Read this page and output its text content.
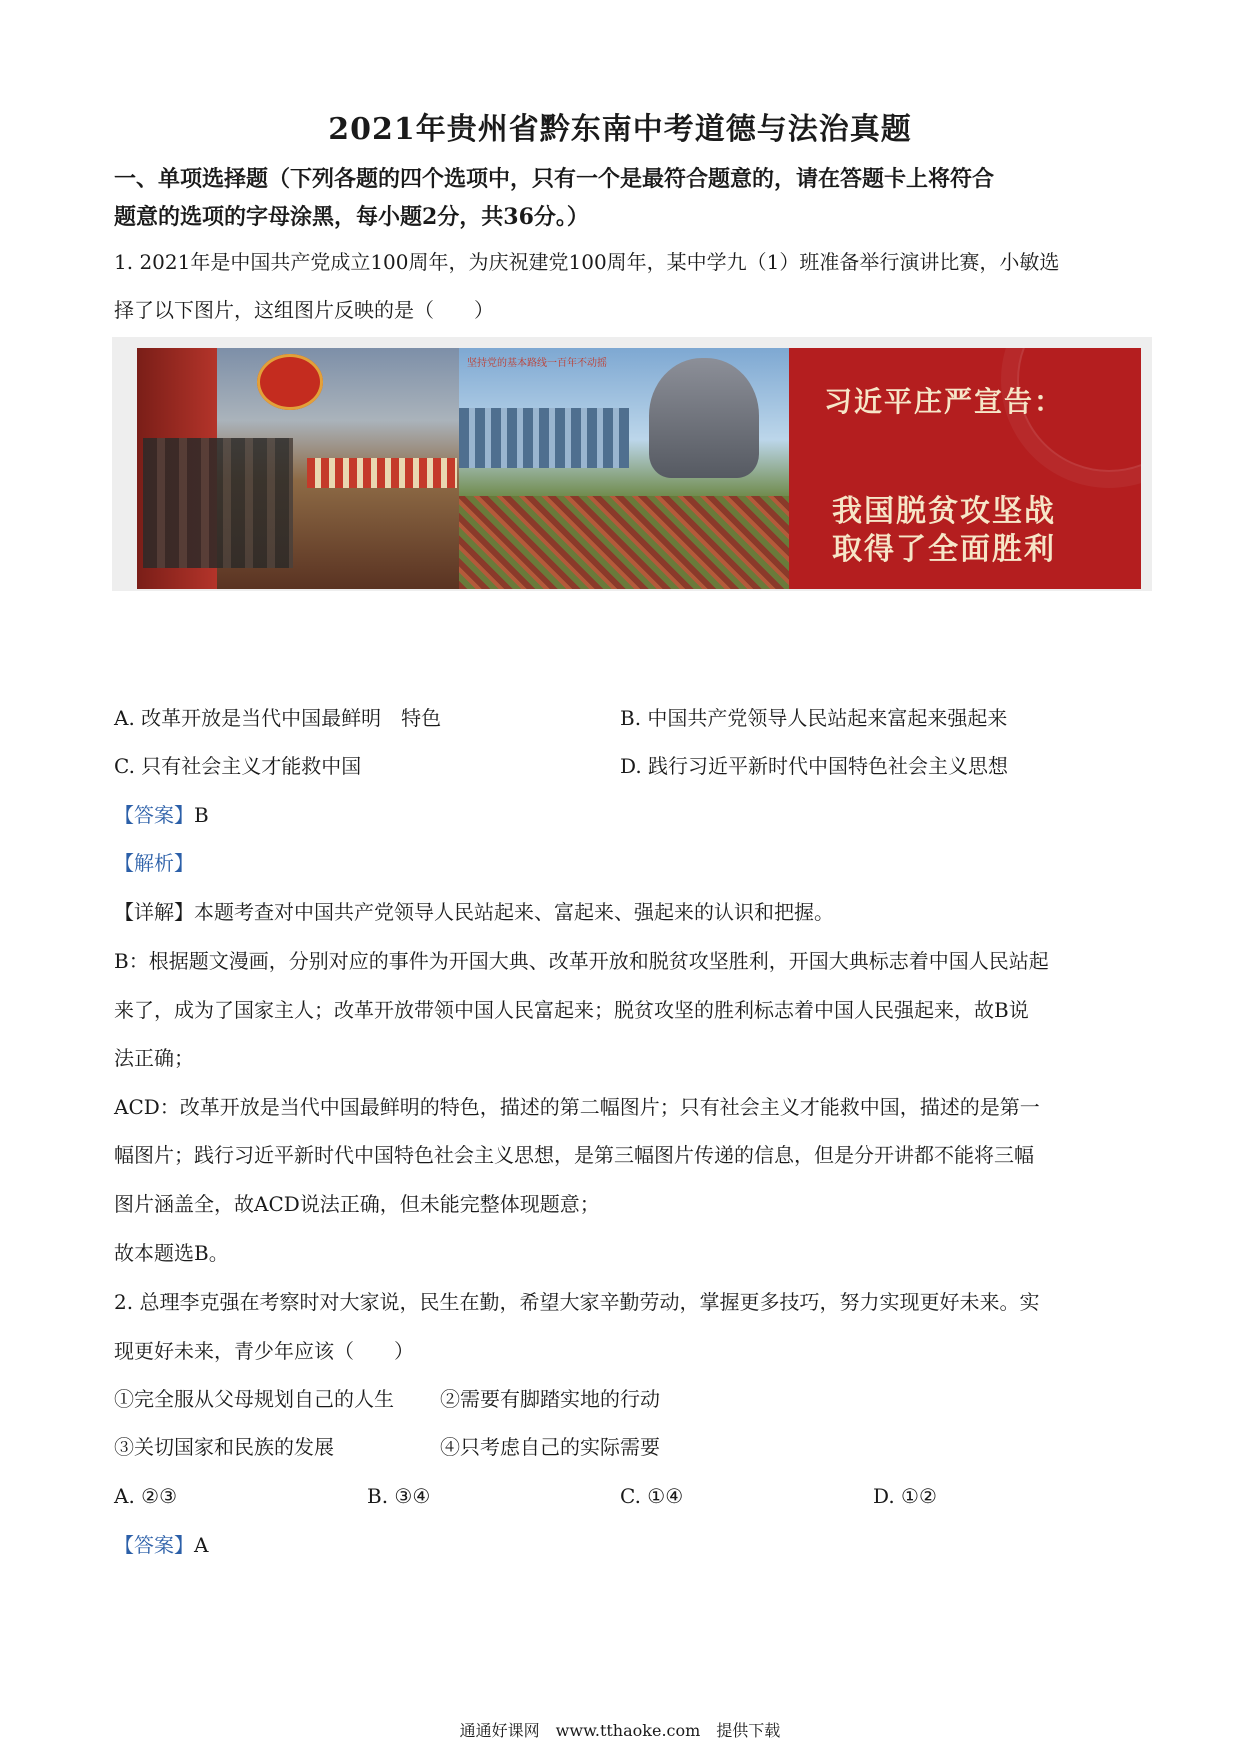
2021年贵州省黔东南中考道德与法治真题
一、单项选择题（下列各题的四个选项中，只有一个是最符合题意的，请在答题卡上将符合
题意的选项的字母涂黑，每小题2分，共36分。）
1. 2021年是中国共产党成立100周年，为庆祝建党100周年，某中学九（1）班准备举行演讲比赛，小敏选
择了以下图片，这组图片反映的是（　　）
坚持党的基本路线一百年不动摇
习近平庄严宣告：
我国脱贫攻坚战
取得了全面胜利
A. 改革开放是当代中国最鲜明　特色	B. 中国共产党领导人民站起来富起来强起来
C. 只有社会主义才能救中国	D. 践行习近平新时代中国特色社会主义思想
【答案】B
【解析】
【详解】本题考查对中国共产党领导人民站起来、富起来、强起来的认识和把握。
B：根据题文漫画，分别对应的事件为开国大典、改革开放和脱贫攻坚胜利，开国大典标志着中国人民站起
来了，成为了国家主人；改革开放带领中国人民富起来；脱贫攻坚的胜利标志着中国人民强起来，故B说
法正确；
ACD：改革开放是当代中国最鲜明的特色，描述的第二幅图片；只有社会主义才能救中国，描述的是第一
幅图片；践行习近平新时代中国特色社会主义思想，是第三幅图片传递的信息，但是分开讲都不能将三幅
图片涵盖全，故ACD说法正确，但未能完整体现题意；
故本题选B。
2. 总理李克强在考察时对大家说，民生在勤，希望大家辛勤劳动，掌握更多技巧，努力实现更好未来。实
现更好未来，青少年应该（　　）
①完全服从父母规划自己的人生 ②需要有脚踏实地的行动
③关切国家和民族的发展	④只考虑自己的实际需要
A. ②③	B. ③④	C. ①④	D. ①②
【答案】A
通通好课网　www.tthaoke.com　提供下载
